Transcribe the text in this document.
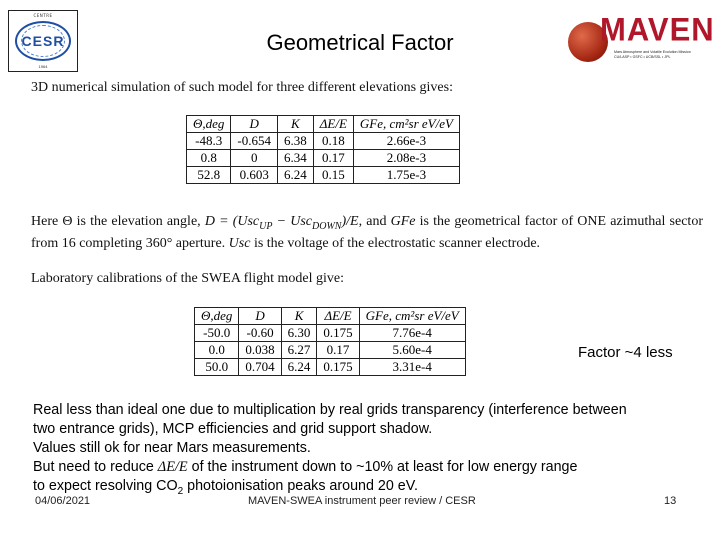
CENTRE
CESR
1964
Geometrical Factor	MAVEN
Mars Atmosphere and Volatile Evolution Mission
CU/LASP • GSFC • UCB/SSL • JPL
3D numerical simulation of such model for three different elevations gives:
Θ,deg	D	K	ΔE/E	GFe, cm²sr eV/eV
-48.3	-0.654	6.38	0.18	2.66e-3
0.8	0	6.34	0.17	2.08e-3
52.8	0.603	6.24	0.15	1.75e-3
Here Θ is the elevation angle, D = (Usc$_{UP}$ − Usc$_{DOWN}$)/E, and GFe is the geometrical factor of ONE azimuthal sector from 16 completing 360° aperture. Usc is the voltage of the electrostatic scanner electrode.
Laboratory calibrations of the SWEA flight model give:
Θ,deg	D	K	ΔE/E	GFe, cm²sr eV/eV
-50.0	-0.60	6.30	0.175	7.76e-4
0.0	0.038	6.27	0.17	5.60e-4
50.0	0.704	6.24	0.175	3.31e-4
Factor ~4 less
Real less than ideal one due to multiplication by real grids transparency (interference between
two entrance grids), MCP efficiencies and grid support shadow.
Values still ok for near Mars measurements.
But need to reduce ΔE/E of the instrument down to ~10% at least for low energy range
to expect resolving $CO_2$ photoionisation peaks around 20 eV.
04/06/2021	MAVEN-SWEA instrument peer review / CESR	13
